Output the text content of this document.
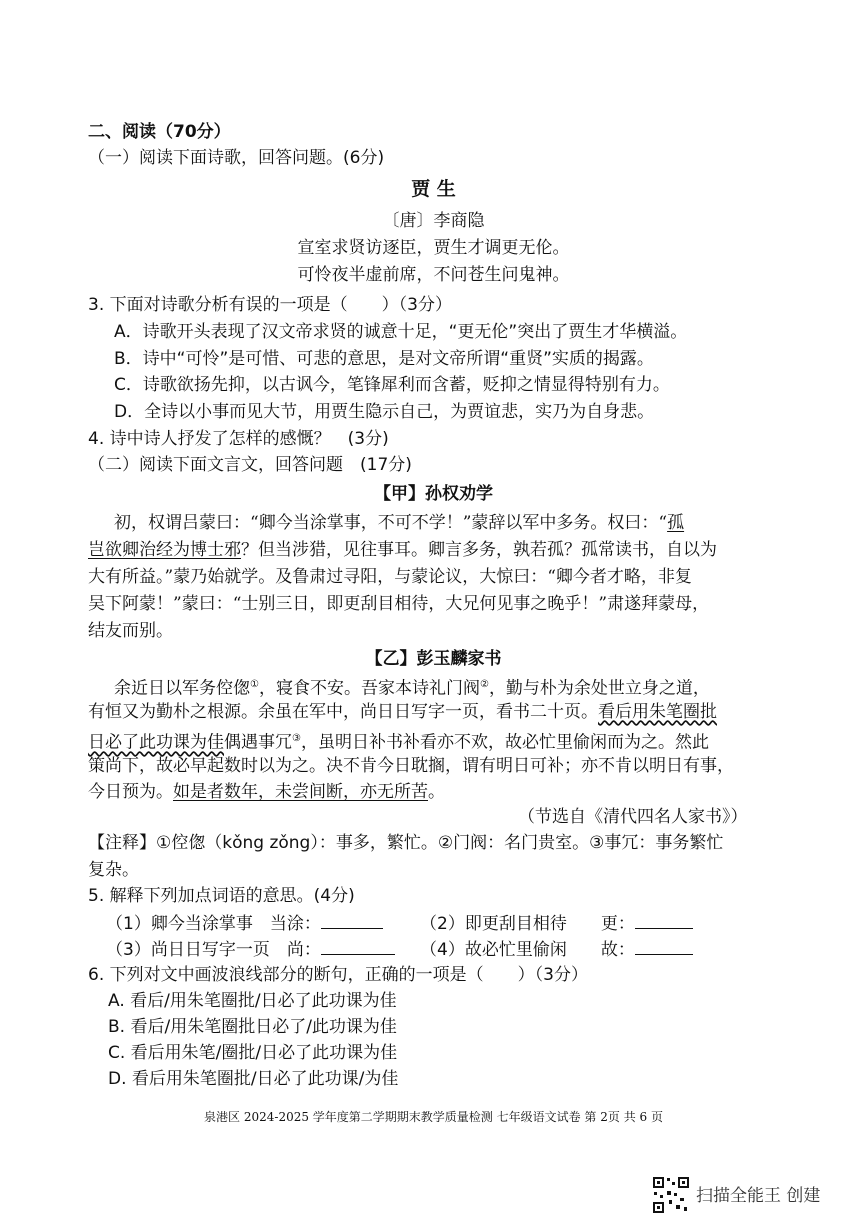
二、阅读（70分）
（一）阅读下面诗歌，回答问题。(6分)
贾 生
〔唐〕李商隐
宣室求贤访逐臣，贾生才调更无伦。
可怜夜半虚前席，不问苍生问鬼神。
3. 下面对诗歌分析有误的一项是（　　）（3分）
A．诗歌开头表现了汉文帝求贤的诚意十足，“更无伦”突出了贾生才华横溢。
B．诗中“可怜”是可惜、可悲的意思，是对文帝所谓“重贤”实质的揭露。
C．诗歌欲扬先抑，以古讽今，笔锋犀利而含蓄，贬抑之情显得特别有力。
D．全诗以小事而见大节，用贾生隐示自己，为贾谊悲，实乃为自身悲。
4. 诗中诗人抒发了怎样的感慨？　(3分)
（二）阅读下面文言文，回答问题　(17分)
【甲】孙权劝学
初，权谓吕蒙曰：“卿今当涂掌事，不可不学！”蒙辞以军中多务。权曰：“孤
岂欲卿治经为博士邪？但当涉猎，见往事耳。卿言多务，孰若孤？孤常读书，自以为
大有所益。”蒙乃始就学。及鲁肃过寻阳，与蒙论议，大惊曰：“卿今者才略，非复
吴下阿蒙！”蒙曰：“士别三日，即更刮目相待，大兄何见事之晚乎！”肃遂拜蒙母，
结友而别。
【乙】彭玉麟家书
余近日以军务倥偬①，寝食不安。吾家本诗礼门阀②，勤与朴为余处世立身之道，
有恒又为勤朴之根源。余虽在军中，尚日日写字一页，看书二十页。看后用朱笔圈批
日必了此功课为佳偶遇事冗③，虽明日补书补看亦不欢，故必忙里偷闲而为之。然此
策尚下，故必早起数时以为之。决不肯今日耽搁，谓有明日可补；亦不肯以明日有事，
今日预为。如是者数年，未尝间断，亦无所苦。
（节选自《清代四名人家书》）
【注释】①倥偬（kǒng zǒng）：事多，繁忙。②门阀：名门贵室。③事冗：事务繁忙
复杂。
5. 解释下列加点词语的意思。(4分)
（1）卿今当涂掌事　当涂：	（2）即更刮目相待　　更：
（3）尚日日写字一页　尚：	（4）故必忙里偷闲　　故：
6. 下列对文中画波浪线部分的断句，正确的一项是（　　）（3分）
A. 看后/用朱笔圈批/日必了此功课为佳
B. 看后/用朱笔圈批日必了/此功课为佳
C. 看后用朱笔/圈批/日必了此功课为佳
D. 看后用朱笔圈批/日必了此功课/为佳
泉港区 2024-2025 学年度第二学期期末教学质量检测 七年级语文试卷 第 2页 共 6 页
扫描全能王 创建
